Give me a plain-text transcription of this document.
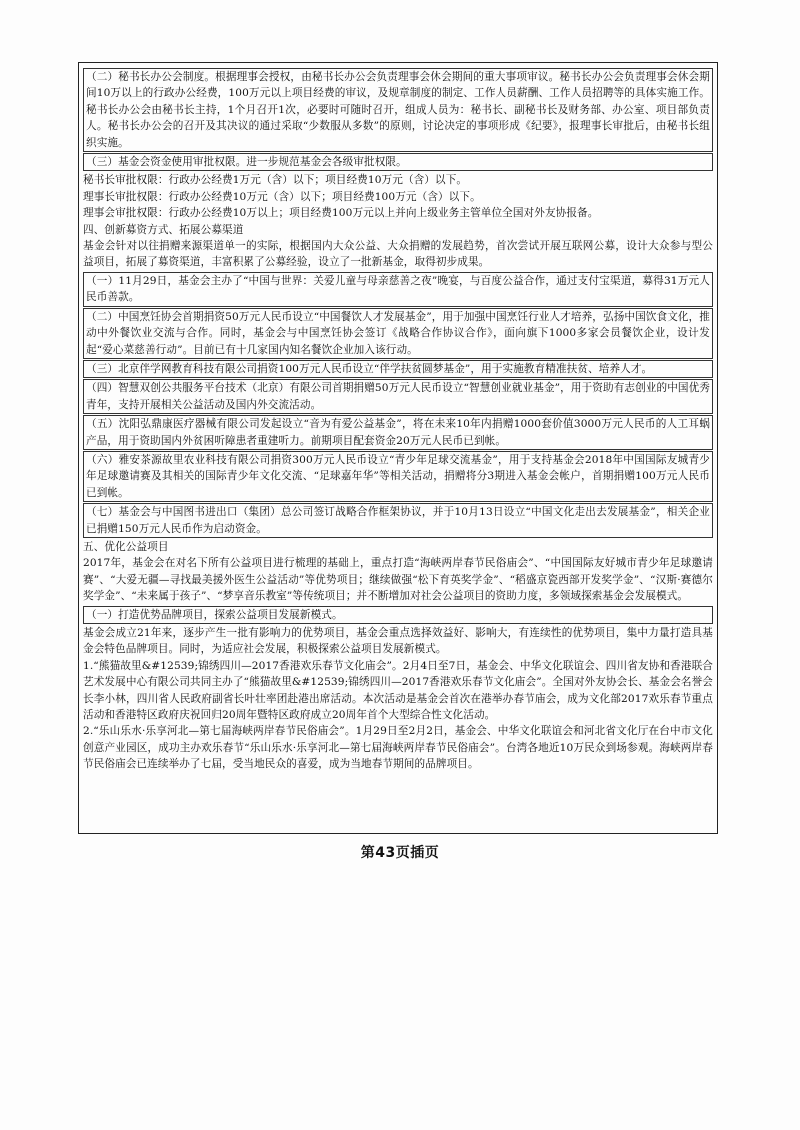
（二）秘书长办公会制度。根据理事会授权，由秘书长办公会负责理事会休会期间的重大事项审议。秘书长办公会负责理事会休会期间10万以上的行政办公经费，100万元以上项目经费的审议，及规章制度的制定、工作人员薪酬、工作人员招聘等的具体实施工作。秘书长办公会由秘书长主持，1个月召开1次，必要时可随时召开，组成人员为：秘书长、副秘书长及财务部、办公室、项目部负责人。秘书长办公会的召开及其决议的通过采取“少数服从多数”的原则，讨论决定的事项形成《纪要》，报理事长审批后，由秘书长组织实施。

（三）基金会资金使用审批权限。进一步规范基金会各级审批权限。

秘书长审批权限：行政办公经费1万元（含）以下；项目经费10万元（含）以下。

理事长审批权限：行政办公经费10万元（含）以下；项目经费100万元（含）以下。

理事会审批权限：行政办公经费10万以上；项目经费100万元以上并向上级业务主管单位全国对外友协报备。

四、创新募资方式、拓展公募渠道

基金会针对以往捐赠来源渠道单一的实际，根据国内大众公益、大众捐赠的发展趋势，首次尝试开展互联网公募，设计大众参与型公益项目，拓展了募资渠道，丰富积累了公募经验，设立了一批新基金，取得初步成果。

（一）11月29日，基金会主办了“中国与世界：关爱儿童与母亲慈善之夜”晚宴，与百度公益合作，通过支付宝渠道，募得31万元人民币善款。

（二）中国烹饪协会首期捐资50万元人民币设立“中国餐饮人才发展基金”，用于加强中国烹饪行业人才培养，弘扬中国饮食文化，推动中外餐饮业交流与合作。同时，基金会与中国烹饪协会签订《战略合作协议合作》，面向旗下1000多家会员餐饮企业，设计发起“爱心菜慈善行动”。目前已有十几家国内知名餐饮企业加入该行动。

（三）北京伴学网教育科技有限公司捐资100万元人民币设立“伴学扶贫圆梦基金”，用于实施教育精准扶贫、培养人才。

（四）智慧双创公共服务平台技术（北京）有限公司首期捐赠50万元人民币设立“智慧创业就业基金”，用于资助有志创业的中国优秀青年，支持开展相关公益活动及国内外交流活动。

（五）沈阳弘鼎康医疗器械有限公司发起设立“音为有爱公益基金”，将在未来10年内捐赠1000套价值3000万元人民币的人工耳蜗产品，用于资助国内外贫困听障患者重建听力。前期项目配套资金20万元人民币已到帐。

（六）雅安茶源故里农业科技有限公司捐资300万元人民币设立“青少年足球交流基金”，用于支持基金会2018年中国国际友城青少年足球邀请赛及其相关的国际青少年文化交流、“足球嘉年华”等相关活动，捐赠将分3期进入基金会帐户，首期捐赠100万元人民币已到帐。

（七）基金会与中国图书进出口（集团）总公司签订战略合作框架协议，并于10月13日设立“中国文化走出去发展基金”，相关企业已捐赠150万元人民币作为启动资金。

五、优化公益项目

2017年，基金会在对名下所有公益项目进行梳理的基础上，重点打造“海峡两岸春节民俗庙会”、“中国国际友好城市青少年足球邀请赛”、“大爱无疆—寻找最美援外医生公益活动”等优势项目；继续做强“松下育英奖学金”、“稻盛京瓷西部开发奖学金”、“汉斯·赛德尔奖学金”、“未来属于孩子”、“梦享音乐教室”等传统项目；并不断增加对社会公益项目的资助力度，多领域探索基金会发展模式。

（一）打造优势品牌项目，探索公益项目发展新模式。

基金会成立21年来，逐步产生一批有影响力的优势项目，基金会重点选择效益好、影响大，有连续性的优势项目，集中力量打造具基金会特色品牌项目。同时，为适应社会发展，积极探索公益项目发展新模式。

1.“熊猫故里&#12539;锦绣四川—2017香港欢乐春节文化庙会”。2月4日至7日，基金会、中华文化联谊会、四川省友协和香港联合艺术发展中心有限公司共同主办了“熊猫故里&#12539;锦绣四川—2017香港欢乐春节文化庙会”。全国对外友协会长、基金会名誉会长李小林，四川省人民政府副省长叶壮率团赴港出席活动。本次活动是基金会首次在港举办春节庙会，成为文化部2017欢乐春节重点活动和香港特区政府庆祝回归20周年暨特区政府成立20周年首个大型综合性文化活动。

2.“乐山乐水·乐享河北—第七届海峡两岸春节民俗庙会”。1月29日至2月2日，基金会、中华文化联谊会和河北省文化厅在台中市文化创意产业园区，成功主办欢乐春节“乐山乐水·乐享河北—第七届海峡两岸春节民俗庙会”。台湾各地近10万民众到场参观。海峡两岸春节民俗庙会已连续举办了七届，受当地民众的喜爱，成为当地春节期间的品牌项目。

第43页插页
